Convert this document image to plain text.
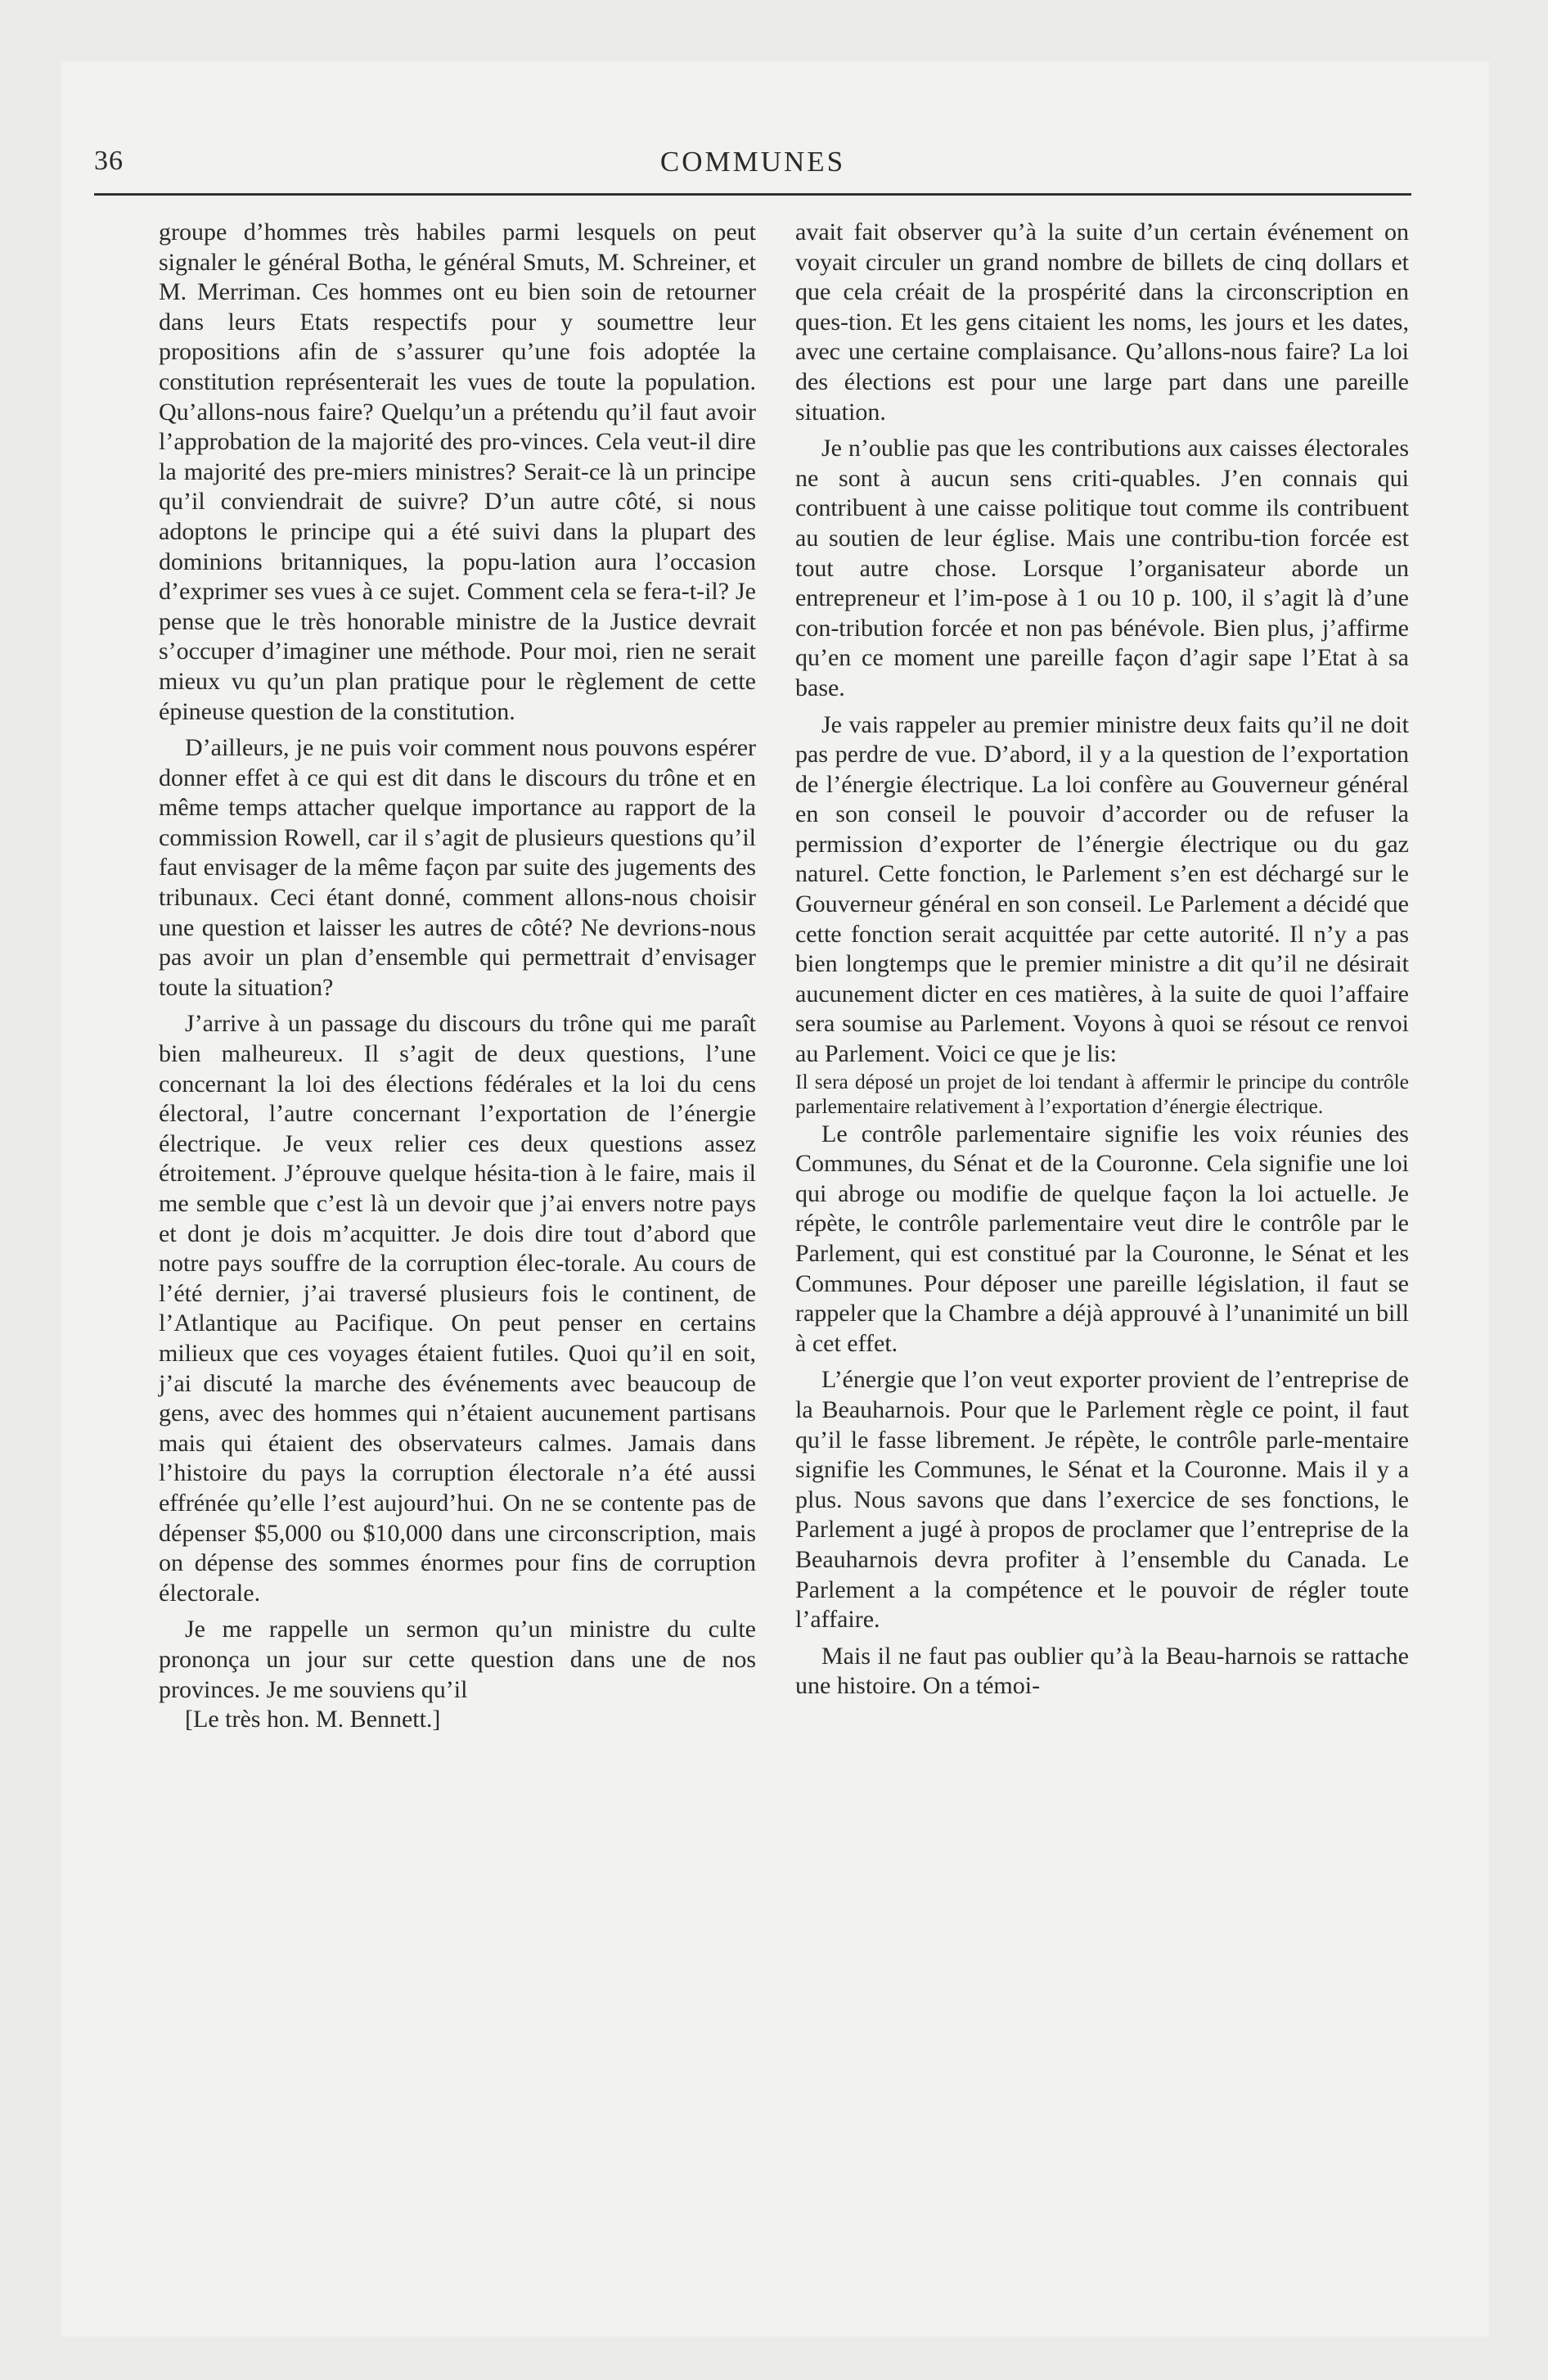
36	COMMUNES

groupe d’hommes très habiles parmi lesquels on peut signaler le général Botha, le général Smuts, M. Schreiner, et M. Merriman. Ces hommes ont eu bien soin de retourner dans leurs Etats respectifs pour y soumettre leur propositions afin de s’assurer qu’une fois adoptée la constitution représenterait les vues de toute la population. Qu’allons-nous faire? Quelqu’un a prétendu qu’il faut avoir l’approbation de la majorité des pro-vinces. Cela veut-il dire la majorité des pre-miers ministres? Serait-ce là un principe qu’il conviendrait de suivre? D’un autre côté, si nous adoptons le principe qui a été suivi dans la plupart des dominions britanniques, la popu-lation aura l’occasion d’exprimer ses vues à ce sujet. Comment cela se fera-t-il? Je pense que le très honorable ministre de la Justice devrait s’occuper d’imaginer une méthode. Pour moi, rien ne serait mieux vu qu’un plan pratique pour le règlement de cette épineuse question de la constitution.

D’ailleurs, je ne puis voir comment nous pouvons espérer donner effet à ce qui est dit dans le discours du trône et en même temps attacher quelque importance au rapport de la commission Rowell, car il s’agit de plusieurs questions qu’il faut envisager de la même façon par suite des jugements des tribunaux. Ceci étant donné, comment allons-nous choisir une question et laisser les autres de côté? Ne devrions-nous pas avoir un plan d’ensemble qui permettrait d’envisager toute la situation?

J’arrive à un passage du discours du trône qui me paraît bien malheureux. Il s’agit de deux questions, l’une concernant la loi des élections fédérales et la loi du cens électoral, l’autre concernant l’exportation de l’énergie électrique. Je veux relier ces deux questions assez étroitement. J’éprouve quelque hésita-tion à le faire, mais il me semble que c’est là un devoir que j’ai envers notre pays et dont je dois m’acquitter. Je dois dire tout d’abord que notre pays souffre de la corruption élec-torale. Au cours de l’été dernier, j’ai traversé plusieurs fois le continent, de l’Atlantique au Pacifique. On peut penser en certains milieux que ces voyages étaient futiles. Quoi qu’il en soit, j’ai discuté la marche des événements avec beaucoup de gens, avec des hommes qui n’étaient aucunement partisans mais qui étaient des observateurs calmes. Jamais dans l’histoire du pays la corruption électorale n’a été aussi effrénée qu’elle l’est aujourd’hui. On ne se contente pas de dépenser $5,000 ou $10,000 dans une circonscription, mais on dépense des sommes énormes pour fins de corruption électorale.

Je me rappelle un sermon qu’un ministre du culte prononça un jour sur cette question dans une de nos provinces. Je me souviens qu’il

[Le très hon. M. Bennett.]

avait fait observer qu’à la suite d’un certain événement on voyait circuler un grand nombre de billets de cinq dollars et que cela créait de la prospérité dans la circonscription en ques-tion. Et les gens citaient les noms, les jours et les dates, avec une certaine complaisance. Qu’allons-nous faire? La loi des élections est pour une large part dans une pareille situation.

Je n’oublie pas que les contributions aux caisses électorales ne sont à aucun sens criti-quables. J’en connais qui contribuent à une caisse politique tout comme ils contribuent au soutien de leur église. Mais une contribu-tion forcée est tout autre chose. Lorsque l’organisateur aborde un entrepreneur et l’im-pose à 1 ou 10 p. 100, il s’agit là d’une con-tribution forcée et non pas bénévole. Bien plus, j’affirme qu’en ce moment une pareille façon d’agir sape l’Etat à sa base.

Je vais rappeler au premier ministre deux faits qu’il ne doit pas perdre de vue. D’abord, il y a la question de l’exportation de l’énergie électrique. La loi confère au Gouverneur général en son conseil le pouvoir d’accorder ou de refuser la permission d’exporter de l’énergie électrique ou du gaz naturel. Cette fonction, le Parlement s’en est déchargé sur le Gouverneur général en son conseil. Le Parlement a décidé que cette fonction serait acquittée par cette autorité. Il n’y a pas bien longtemps que le premier ministre a dit qu’il ne désirait aucunement dicter en ces matières, à la suite de quoi l’affaire sera soumise au Parlement. Voyons à quoi se résout ce renvoi au Parlement. Voici ce que je lis:

Il sera déposé un projet de loi tendant à affermir le principe du contrôle parlementaire relativement à l’exportation d’énergie électrique.

Le contrôle parlementaire signifie les voix réunies des Communes, du Sénat et de la Couronne. Cela signifie une loi qui abroge ou modifie de quelque façon la loi actuelle. Je répète, le contrôle parlementaire veut dire le contrôle par le Parlement, qui est constitué par la Couronne, le Sénat et les Communes. Pour déposer une pareille législation, il faut se rappeler que la Chambre a déjà approuvé à l’unanimité un bill à cet effet.

L’énergie que l’on veut exporter provient de l’entreprise de la Beauharnois. Pour que le Parlement règle ce point, il faut qu’il le fasse librement. Je répète, le contrôle parle-mentaire signifie les Communes, le Sénat et la Couronne. Mais il y a plus. Nous savons que dans l’exercice de ses fonctions, le Parlement a jugé à propos de proclamer que l’entreprise de la Beauharnois devra profiter à l’ensemble du Canada. Le Parlement a la compétence et le pouvoir de régler toute l’affaire.

Mais il ne faut pas oublier qu’à la Beau-harnois se rattache une histoire. On a témoi-
